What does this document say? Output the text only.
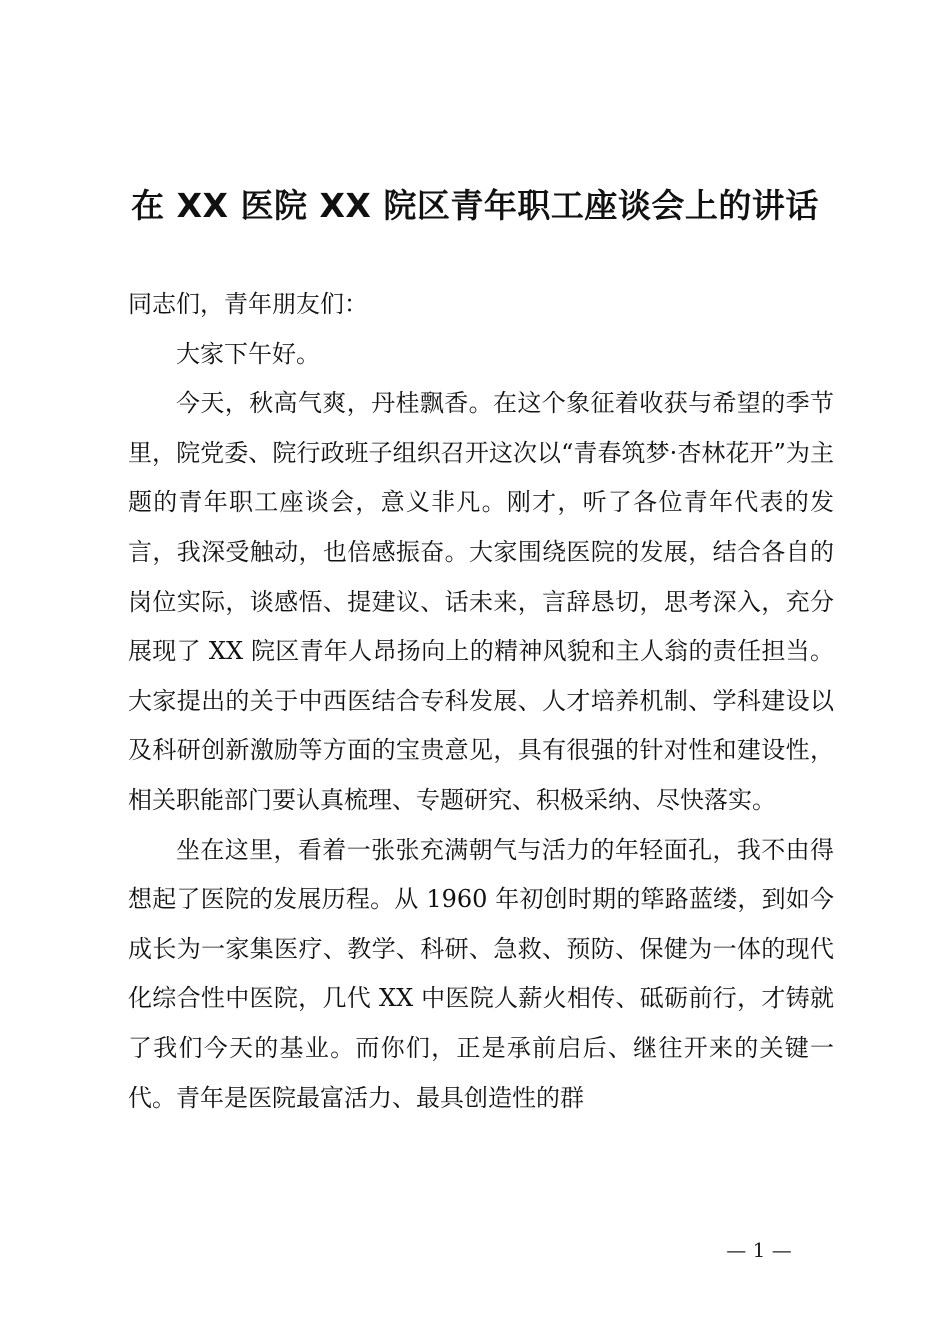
在 XX 医院 XX 院区青年职工座谈会上的讲话

同志们，青年朋友们：

大家下午好。

今天，秋高气爽，丹桂飘香。在这个象征着收获与希望的季节里，院党委、院行政班子组织召开这次以“青春筑梦·杏林花开”为主题的青年职工座谈会，意义非凡。刚才，听了各位青年代表的发言，我深受触动，也倍感振奋。大家围绕医院的发展，结合各自的岗位实际，谈感悟、提建议、话未来，言辞恳切，思考深入，充分展现了 XX 院区青年人昂扬向上的精神风貌和主人翁的责任担当。大家提出的关于中西医结合专科发展、人才培养机制、学科建设以及科研创新激励等方面的宝贵意见，具有很强的针对性和建设性，相关职能部门要认真梳理、专题研究、积极采纳、尽快落实。

坐在这里，看着一张张充满朝气与活力的年轻面孔，我不由得想起了医院的发展历程。从 1960 年初创时期的筚路蓝缕，到如今成长为一家集医疗、教学、科研、急救、预防、保健为一体的现代化综合性中医院，几代 XX 中医院人薪火相传、砥砺前行，才铸就了我们今天的基业。而你们，正是承前启后、继往开来的关键一代。青年是医院最富活力、最具创造性的群

— 1 —
